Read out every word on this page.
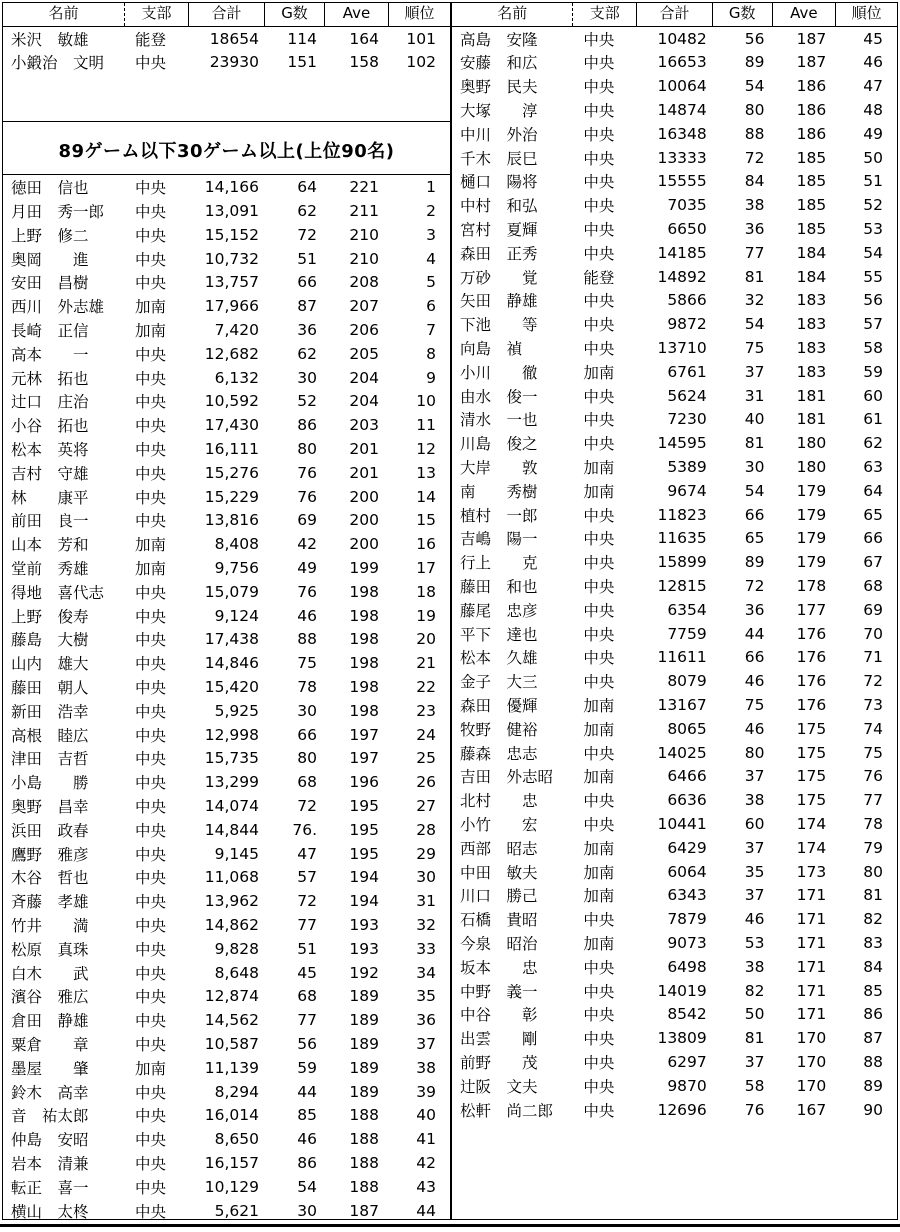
名前	支部	合計	G数	Ave	順位
米沢　敏雄	能登	18654	114	164	101
小鍛治　文明	中央	23930	151	158	102
89ゲーム以下30ゲーム以上(上位90名)
徳田　信也	中央	14,166	64	221	1
月田　秀一郎	中央	13,091	62	211	2
上野　修二	中央	15,152	72	210	3
奥岡　　進	中央	10,732	51	210	4
安田　昌樹	中央	13,757	66	208	5
西川　外志雄	加南	17,966	87	207	6
長崎　正信	加南	7,420	36	206	7
高本　　一	中央	12,682	62	205	8
元林　拓也	中央	6,132	30	204	9
辻口　庄治	中央	10,592	52	204	10
小谷　拓也	中央	17,430	86	203	11
松本　英将	中央	16,111	80	201	12
吉村　守雄	中央	15,276	76	201	13
林　　康平	中央	15,229	76	200	14
前田　良一	中央	13,816	69	200	15
山本　芳和	加南	8,408	42	200	16
堂前　秀雄	加南	9,756	49	199	17
得地　喜代志	中央	15,079	76	198	18
上野　俊寿	中央	9,124	46	198	19
藤島　大樹	中央	17,438	88	198	20
山内　雄大	中央	14,846	75	198	21
藤田　朝人	中央	15,420	78	198	22
新田　浩幸	中央	5,925	30	198	23
高根　睦広	中央	12,998	66	197	24
津田　吉哲	中央	15,735	80	197	25
小島　　勝	中央	13,299	68	196	26
奥野　昌幸	中央	14,074	72	195	27
浜田　政春	中央	14,844	76.	195	28
鷹野　雅彦	中央	9,145	47	195	29
木谷　哲也	中央	11,068	57	194	30
斉藤　孝雄	中央	13,962	72	194	31
竹井　　満	中央	14,862	77	193	32
松原　真珠	中央	9,828	51	193	33
白木　　武	中央	8,648	45	192	34
濱谷　雅広	中央	12,874	68	189	35
倉田　静雄	中央	14,562	77	189	36
粟倉　　章	中央	10,587	56	189	37
墨屋　　肇	加南	11,139	59	189	38
鈴木　高幸	中央	8,294	44	189	39
音　祐太郎	中央	16,014	85	188	40
仲島　安昭	中央	8,650	46	188	41
岩本　清兼	中央	16,157	86	188	42
転正　喜一	中央	10,129	54	188	43
横山　太柊	中央	5,621	30	187	44
名前	支部	合計	G数	Ave	順位
高島　安隆	中央	10482	56	187	45
安藤　和広	中央	16653	89	187	46
奥野　民夫	中央	10064	54	186	47
大塚　　淳	中央	14874	80	186	48
中川　外治	中央	16348	88	186	49
千木　辰巳	中央	13333	72	185	50
樋口　陽将	中央	15555	84	185	51
中村　和弘	中央	7035	38	185	52
宮村　夏輝	中央	6650	36	185	53
森田　正秀	中央	14185	77	184	54
万砂　　覚	能登	14892	81	184	55
矢田　静雄	中央	5866	32	183	56
下池　　等	中央	9872	54	183	57
向島　禎	中央	13710	75	183	58
小川　　徹	加南	6761	37	183	59
由水　俊一	中央	5624	31	181	60
清水　一也	中央	7230	40	181	61
川島　俊之	中央	14595	81	180	62
大岸　　敦	加南	5389	30	180	63
南　　秀樹	加南	9674	54	179	64
植村　一郎	中央	11823	66	179	65
吉嶋　陽一	中央	11635	65	179	66
行上　　克	中央	15899	89	179	67
藤田　和也	中央	12815	72	178	68
藤尾　忠彦	中央	6354	36	177	69
平下　達也	中央	7759	44	176	70
松本　久雄	中央	11611	66	176	71
金子　大三	中央	8079	46	176	72
森田　優輝	加南	13167	75	176	73
牧野　健裕	加南	8065	46	175	74
藤森　忠志	中央	14025	80	175	75
吉田　外志昭	加南	6466	37	175	76
北村　　忠	中央	6636	38	175	77
小竹　　宏	中央	10441	60	174	78
西部　昭志	加南	6429	37	174	79
中田　敏夫	加南	6064	35	173	80
川口　勝己	加南	6343	37	171	81
石橋　貴昭	中央	7879	46	171	82
今泉　昭治	加南	9073	53	171	83
坂本　　忠	中央	6498	38	171	84
中野　義一	中央	14019	82	171	85
中谷　　彰	中央	8542	50	171	86
出雲　　剛	中央	13809	81	170	87
前野　　茂	中央	6297	37	170	88
辻阪　文夫	中央	9870	58	170	89
松軒　尚二郎	中央	12696	76	167	90
